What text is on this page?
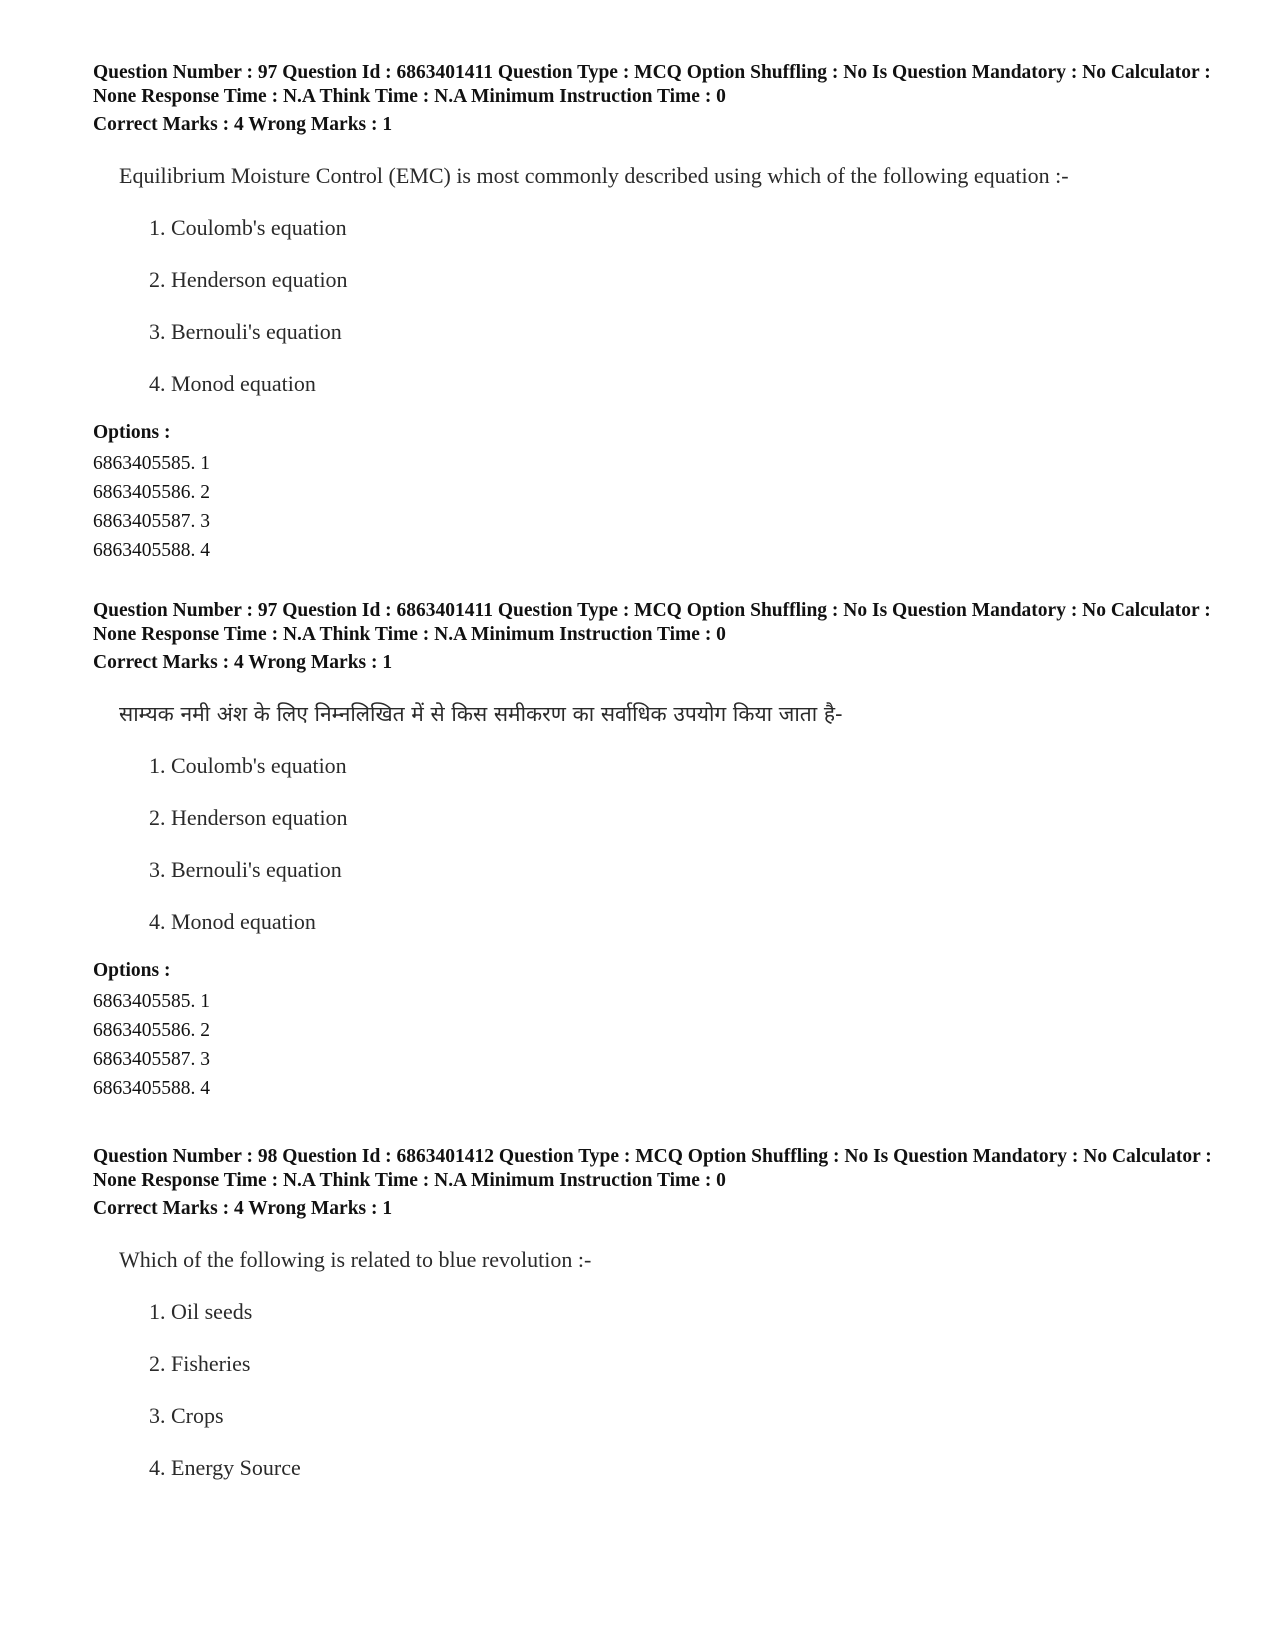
Question Number : 97 Question Id : 6863401411 Question Type : MCQ Option Shuffling : No Is Question Mandatory : No Calculator : None Response Time : N.A Think Time : N.A Minimum Instruction Time : 0

Correct Marks : 4 Wrong Marks : 1

Equilibrium Moisture Control (EMC) is most commonly described using which of the following equation :-

1. Coulomb's equation
2. Henderson equation
3. Bernouli's equation
4. Monod equation

Options :

6863405585. 1
6863405586. 2
6863405587. 3
6863405588. 4

Question Number : 97 Question Id : 6863401411 Question Type : MCQ Option Shuffling : No Is Question Mandatory : No Calculator : None Response Time : N.A Think Time : N.A Minimum Instruction Time : 0

Correct Marks : 4 Wrong Marks : 1

साम्यक नमी अंश के लिए निम्नलिखित में से किस समीकरण का सर्वाधिक उपयोग किया जाता है-

1. Coulomb's equation
2. Henderson equation
3. Bernouli's equation
4. Monod equation

Options :

6863405585. 1
6863405586. 2
6863405587. 3
6863405588. 4

Question Number : 98 Question Id : 6863401412 Question Type : MCQ Option Shuffling : No Is Question Mandatory : No Calculator : None Response Time : N.A Think Time : N.A Minimum Instruction Time : 0

Correct Marks : 4 Wrong Marks : 1

Which of the following is related to blue revolution :-

1. Oil seeds
2. Fisheries
3. Crops
4. Energy Source
